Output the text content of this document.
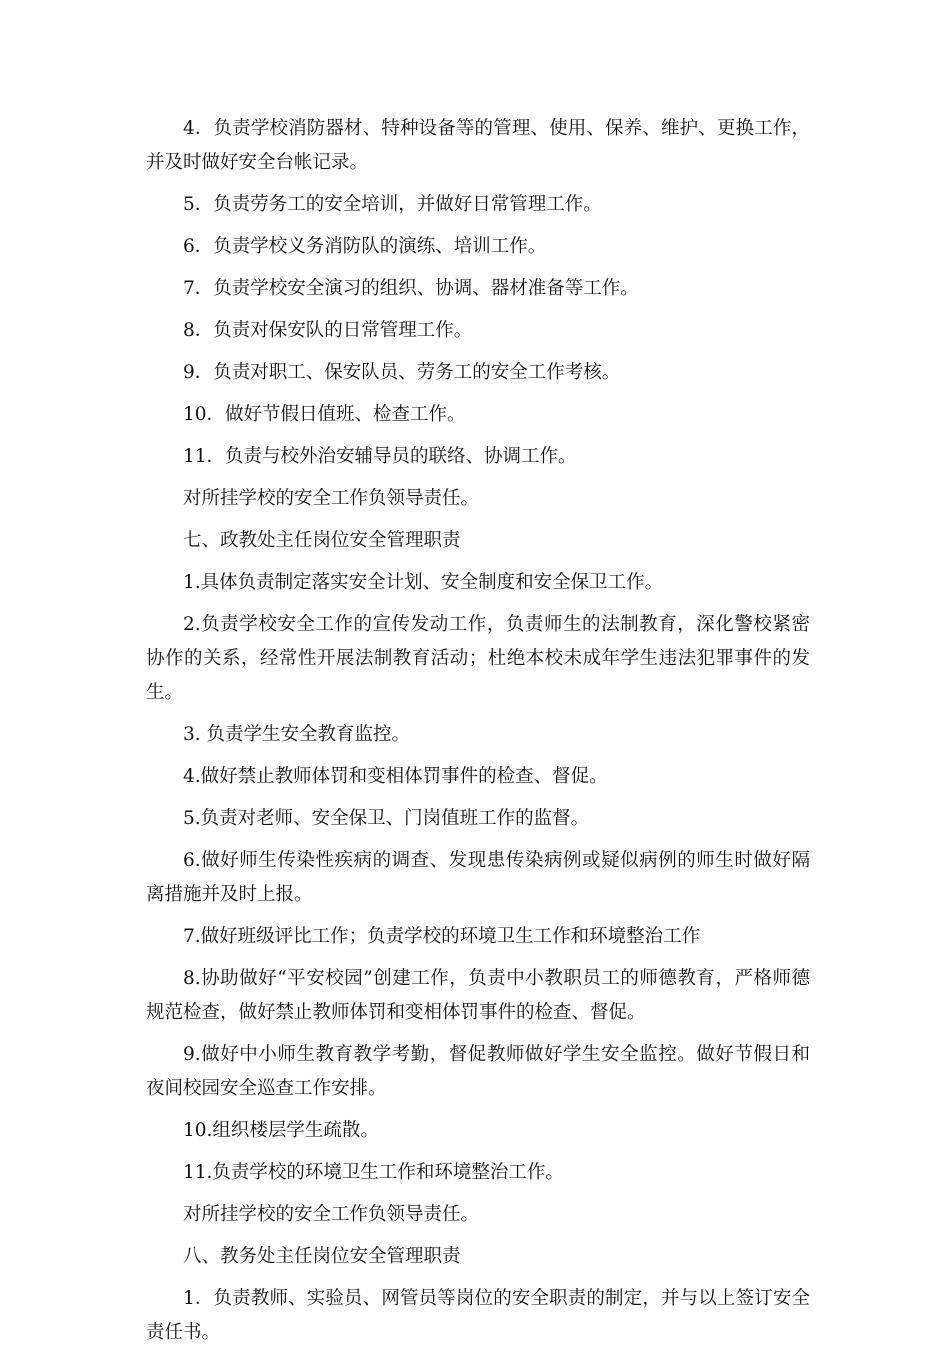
4．负责学校消防器材、特种设备等的管理、使用、保养、维护、更换工作，并及时做好安全台帐记录。

5．负责劳务工的安全培训，并做好日常管理工作。

6．负责学校义务消防队的演练、培训工作。

7．负责学校安全演习的组织、协调、器材准备等工作。

8．负责对保安队的日常管理工作。

9．负责对职工、保安队员、劳务工的安全工作考核。

10．做好节假日值班、检查工作。

11．负责与校外治安辅导员的联络、协调工作。

对所挂学校的安全工作负领导责任。

七、政教处主任岗位安全管理职责

1.具体负责制定落实安全计划、安全制度和安全保卫工作。

2.负责学校安全工作的宣传发动工作，负责师生的法制教育，深化警校紧密协作的关系，经常性开展法制教育活动；杜绝本校未成年学生违法犯罪事件的发生。

3. 负责学生安全教育监控。

4.做好禁止教师体罚和变相体罚事件的检查、督促。

5.负责对老师、安全保卫、门岗值班工作的监督。

6.做好师生传染性疾病的调查、发现患传染病例或疑似病例的师生时做好隔离措施并及时上报。

7.做好班级评比工作；负责学校的环境卫生工作和环境整治工作

8.协助做好“平安校园”创建工作，负责中小教职员工的师德教育，严格师德规范检查，做好禁止教师体罚和变相体罚事件的检查、督促。

9.做好中小师生教育教学考勤，督促教师做好学生安全监控。做好节假日和夜间校园安全巡查工作安排。

10.组织楼层学生疏散。

11.负责学校的环境卫生工作和环境整治工作。

对所挂学校的安全工作负领导责任。

八、教务处主任岗位安全管理职责

1．负责教师、实验员、网管员等岗位的安全职责的制定，并与以上签订安全责任书。
